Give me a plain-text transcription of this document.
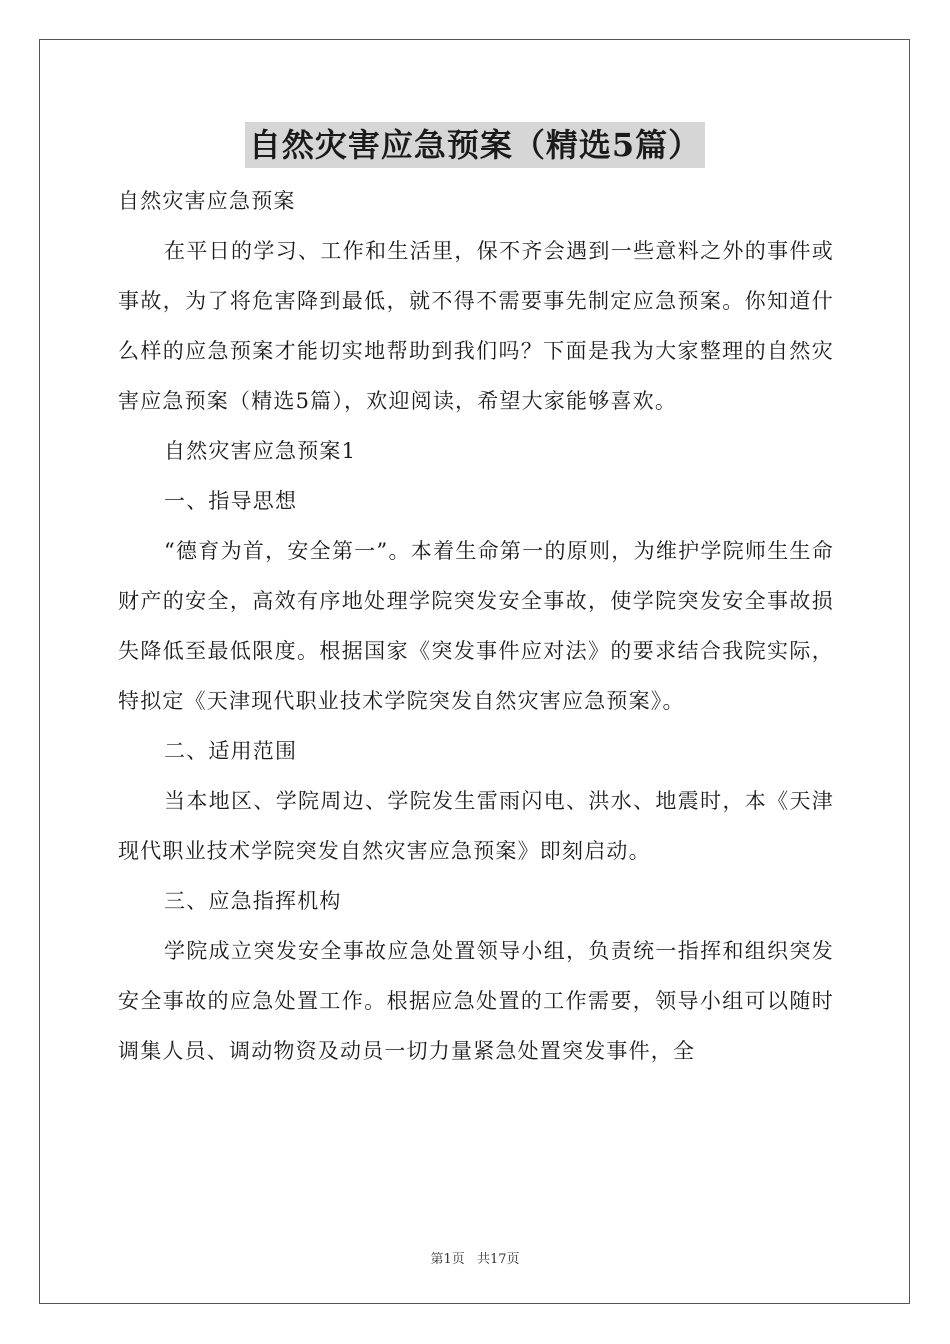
自然灾害应急预案（精选5篇）

自然灾害应急预案

在平日的学习、工作和生活里，保不齐会遇到一些意料之外的事件或事故，为了将危害降到最低，就不得不需要事先制定应急预案。你知道什么样的应急预案才能切实地帮助到我们吗？下面是我为大家整理的自然灾害应急预案（精选5篇），欢迎阅读，希望大家能够喜欢。

自然灾害应急预案1

一、指导思想

“德育为首，安全第一”。本着生命第一的原则，为维护学院师生生命财产的安全，高效有序地处理学院突发安全事故，使学院突发安全事故损失降低至最低限度。根据国家《突发事件应对法》的要求结合我院实际，特拟定《天津现代职业技术学院突发自然灾害应急预案》。

二、适用范围

当本地区、学院周边、学院发生雷雨闪电、洪水、地震时，本《天津现代职业技术学院突发自然灾害应急预案》即刻启动。

三、应急指挥机构

学院成立突发安全事故应急处置领导小组，负责统一指挥和组织突发安全事故的应急处置工作。根据应急处置的工作需要，领导小组可以随时调集人员、调动物资及动员一切力量紧急处置突发事件，全

第1页 共17页
